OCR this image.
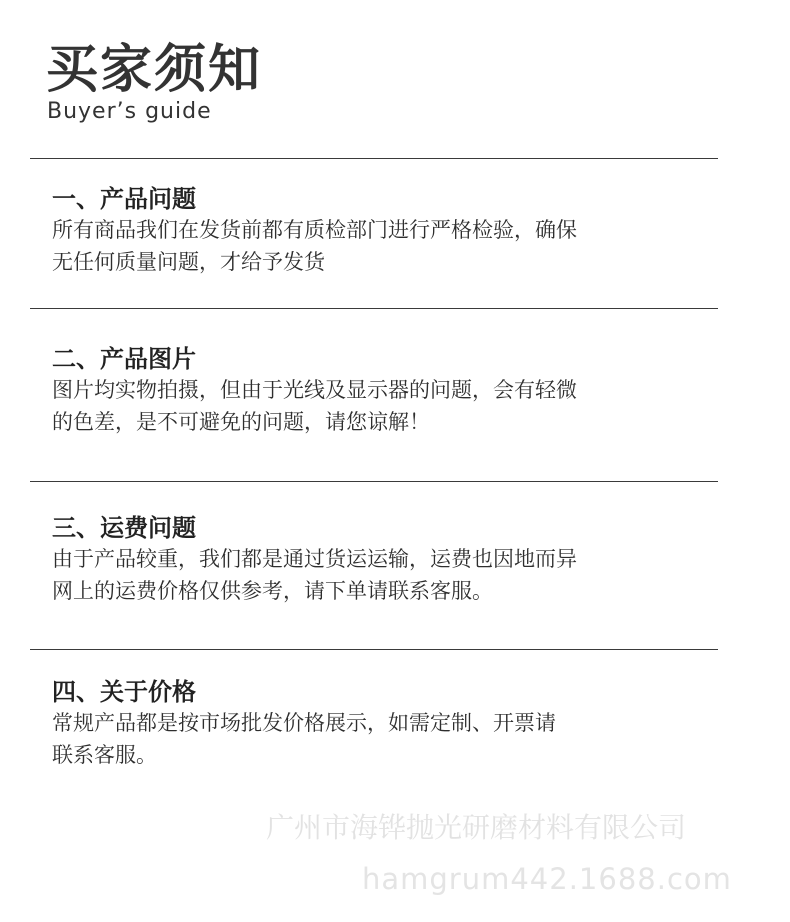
买家须知
Buyer’s guide
一、产品问题
所有商品我们在发货前都有质检部门进行严格检验，确保
无任何质量问题，才给予发货
二、产品图片
图片均实物拍摄，但由于光线及显示器的问题，会有轻微
的色差，是不可避免的问题，请您谅解！
三、运费问题
由于产品较重，我们都是通过货运运输，运费也因地而异
网上的运费价格仅供参考，请下单请联系客服。
四、关于价格
常规产品都是按市场批发价格展示，如需定制、开票请
联系客服。
广州市海铧抛光研磨材料有限公司
hamgrum442.1688.com
